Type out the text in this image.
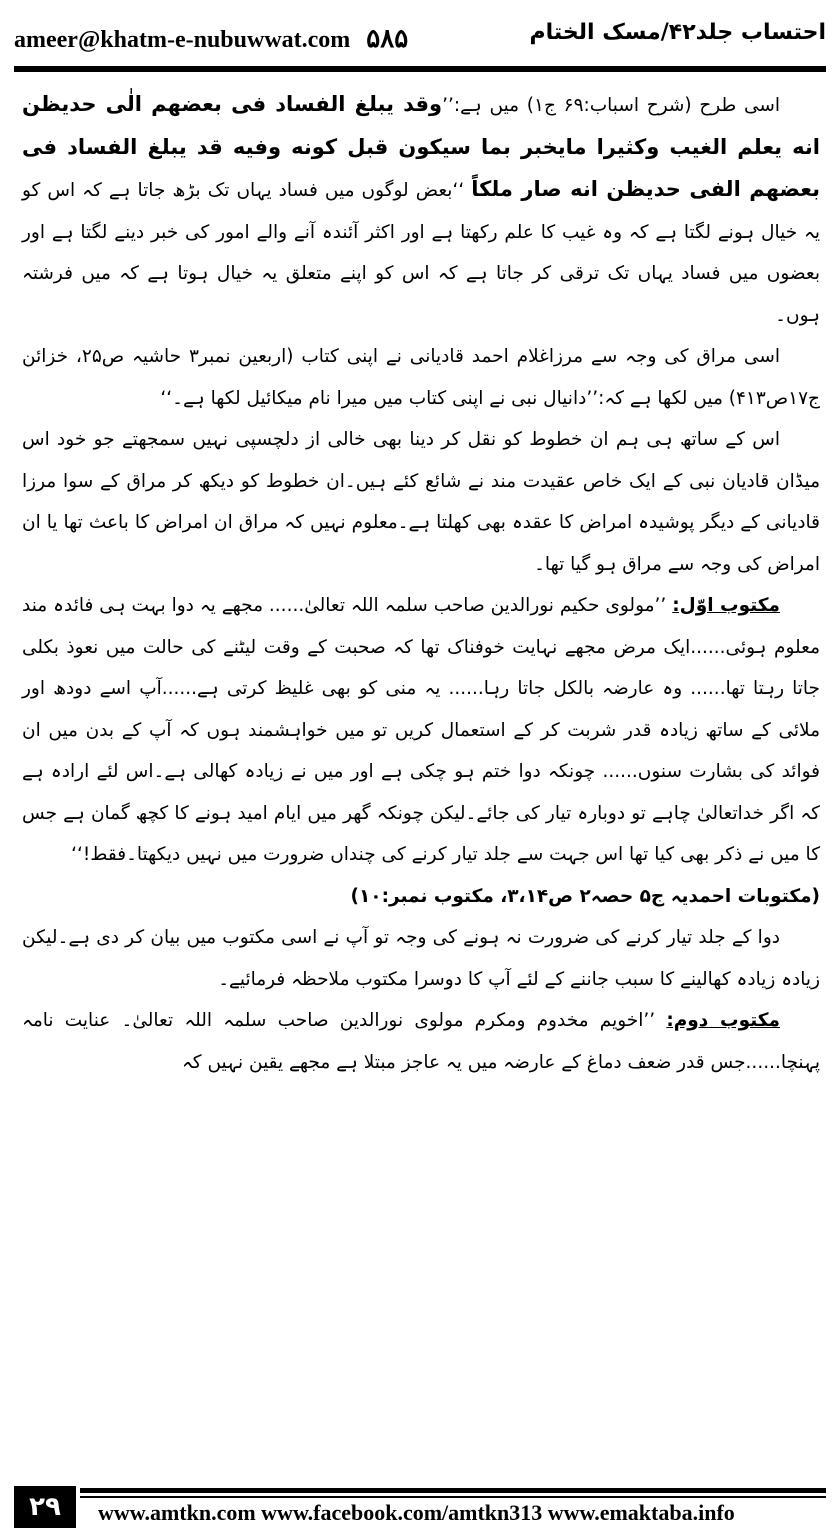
ameer@khatm-e-nubuwwat.com ۵۸۵	احتساب جلد۴۲/مسک الختام

اسی طرح (شرح اسباب:۶۹ ج۱) میں ہے:’’وقد یبلغ الفساد فی بعضهم الٰی حدیظن انه یعلم الغیب وکثیرا مایخبر بما سیکون قبل کونه وفیه قد یبلغ الفساد فی بعضهم الفی حدیظن انه صار ملکاً ‘‘بعض لوگوں میں فساد یہاں تک بڑھ جاتا ہے کہ اس کو یہ خیال ہونے لگتا ہے کہ وہ غیب کا علم رکھتا ہے اور اکثر آئندہ آنے والے امور کی خبر دینے لگتا ہے اور بعضوں میں فساد یہاں تک ترقی کر جاتا ہے کہ اس کو اپنے متعلق یہ خیال ہوتا ہے کہ میں فرشتہ ہوں۔

اسی مراق کی وجہ سے مرزاغلام احمد قادیانی نے اپنی کتاب (اربعین نمبر۳ حاشیہ ص۲۵، خزائن ج۱۷ص۴۱۳) میں لکھا ہے کہ:’’دانیال نبی نے اپنی کتاب میں میرا نام میکائیل لکھا ہے۔‘‘

اس کے ساتھ ہی ہم ان خطوط کو نقل کر دینا بھی خالی از دلچسپی نہیں سمجھتے جو خود اس میڈان قادیان نبی کے ایک خاص عقیدت مند نے شائع کئے ہیں۔ان خطوط کو دیکھ کر مراق کے سوا مرزا قادیانی کے دیگر پوشیدہ امراض کا عقدہ بھی کھلتا ہے۔معلوم نہیں کہ مراق ان امراض کا باعث تھا یا ان امراض کی وجہ سے مراق ہو گیا تھا۔

مکتوب اوّل: ’’مولوی حکیم نورالدین صاحب سلمہ اللہ تعالیٰ...... مجھے یہ دوا بہت ہی فائدہ مند معلوم ہوئی......ایک مرض مجھے نہایت خوفناک تھا کہ صحبت کے وقت لیٹنے کی حالت میں نعوذ بکلی جاتا رہتا تھا...... وہ عارضہ بالکل جاتا رہا...... یہ منی کو بھی غلیظ کرتی ہے......آپ اسے دودھ اور ملائی کے ساتھ زیادہ قدر شربت کر کے استعمال کریں تو میں خواہشمند ہوں کہ آپ کے بدن میں ان فوائد کی بشارت سنوں...... چونکہ دوا ختم ہو چکی ہے اور میں نے زیادہ کھالی ہے۔اس لئے ارادہ ہے کہ اگر خداتعالیٰ چاہے تو دوبارہ تیار کی جائے۔لیکن چونکہ گھر میں ایام امید ہونے کا کچھ گمان ہے جس کا میں نے ذکر بھی کیا تھا اس جہت سے جلد تیار کرنے کی چنداں ضرورت میں نہیں دیکھتا۔فقط!‘‘

(مکتوبات احمدیہ ج۵ حصہ۲ ص۳،۱۴، مکتوب نمبر:۱۰)

دوا کے جلد تیار کرنے کی ضرورت نہ ہونے کی وجہ تو آپ نے اسی مکتوب میں بیان کر دی ہے۔لیکن زیادہ زیادہ کھالینے کا سبب جاننے کے لئے آپ کا دوسرا مکتوب ملاحظہ فرمائیے۔

مکتوب دوم: ’’اخویم مخدوم ومکرم مولوی نورالدین صاحب سلمہ اللہ تعالیٰ۔ عنایت نامہ پہنچا......جس قدر ضعف دماغ کے عارضہ میں یہ عاجز مبتلا ہے مجھے یقین نہیں کہ

۲۹	www.amtkn.com www.facebook.com/amtkn313 www.emaktaba.info
